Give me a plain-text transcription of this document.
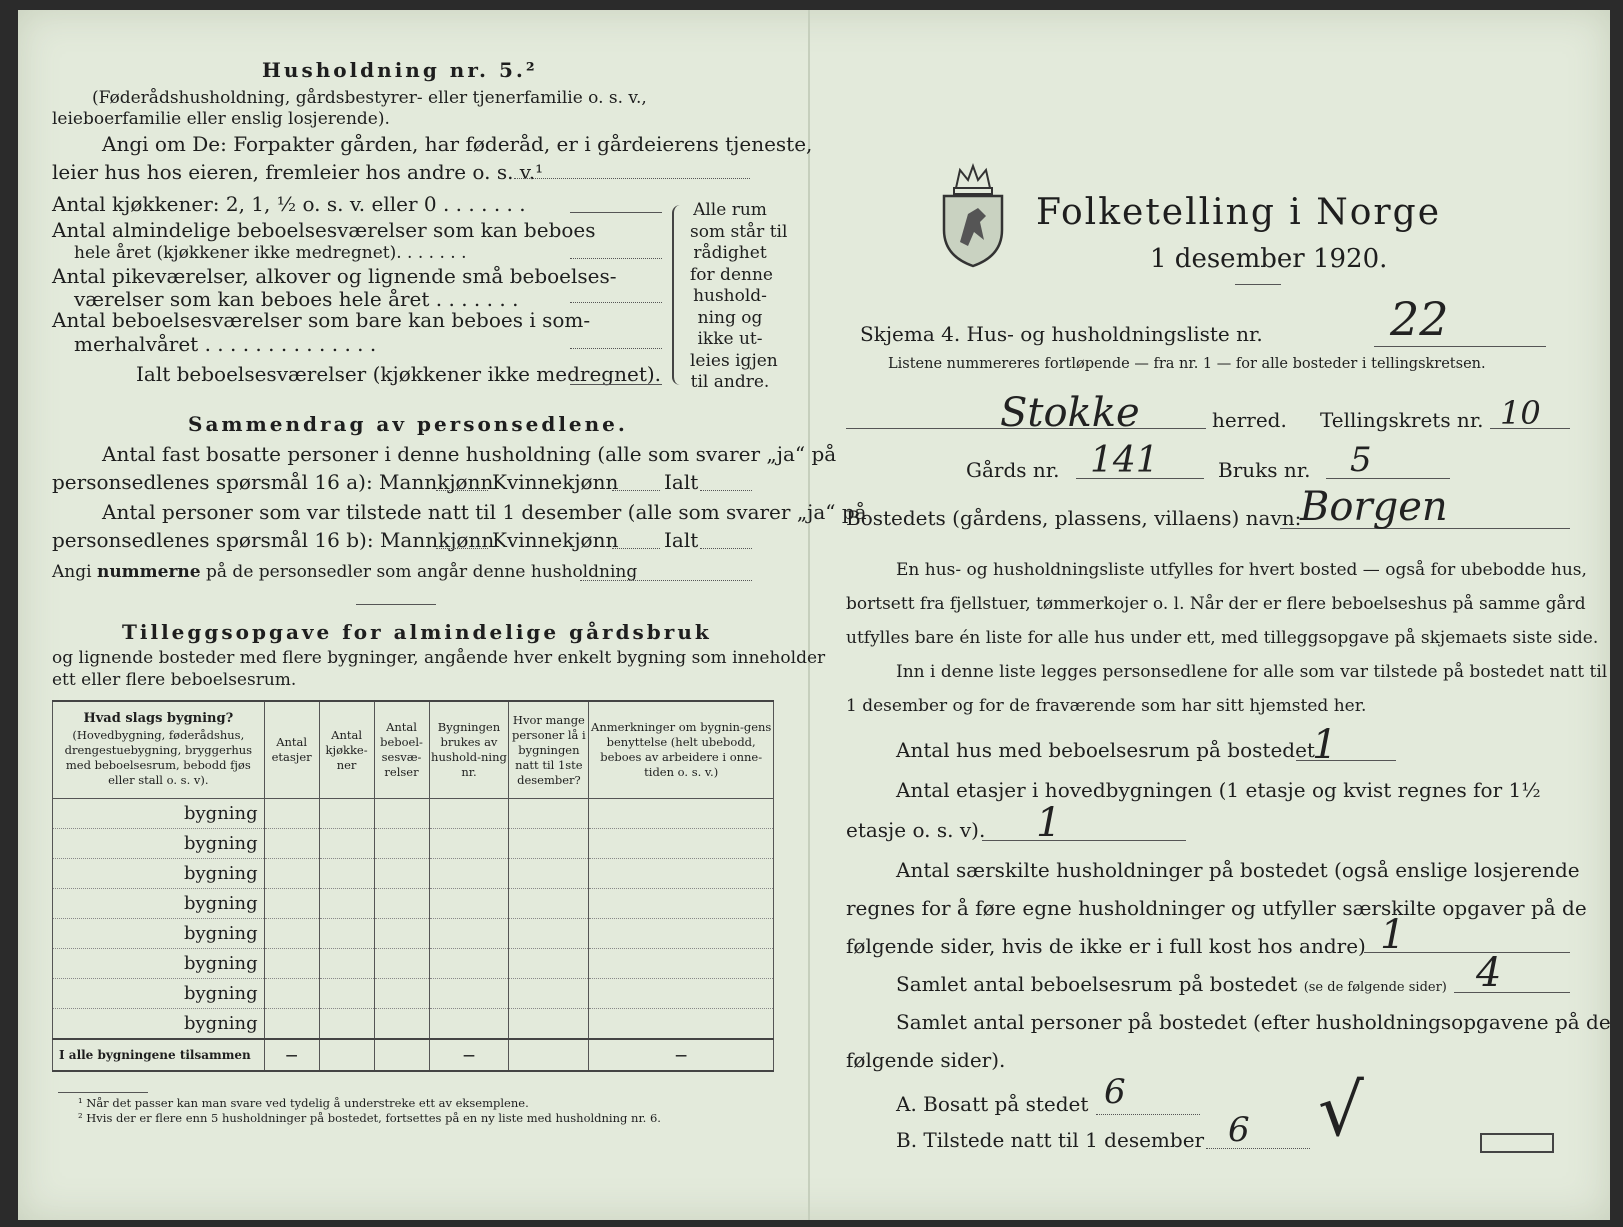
Husholdning nr. 5.²
(Føderådshusholdning, gårdsbestyrer- eller tjenerfamilie o. s. v., leieboerfamilie eller enslig losjerende).
Angi om De: Forpakter gården, har føderåd, er i gårdeierens tjeneste,
leier hus hos eieren, fremleier hos andre o. s. v.¹
Antal kjøkkener: 2, 1, ½ o. s. v. eller 0 . . . . . . .
Antal almindelige beboelsesværelser som kan beboes
hele året (kjøkkener ikke medregnet). . . . . . .
Antal pikeværelser, alkover og lignende små beboelses-
værelser som kan beboes hele året . . . . . . .
Antal beboelsesværelser som bare kan beboes i som-
merhalvåret . . . . . . . . . . . . . .
Ialt beboelsesværelser (kjøkkener ikke medregnet).
Alle rum
som står til
rådighet
for denne
hushold-
ning og
ikke ut-
leies igjen
til andre.
Sammendrag av personsedlene.
Antal fast bosatte personer i denne husholdning (alle som svarer „ja“ på
personsedlenes spørsmål 16 a): Mannkjønn
Kvinnekjønn Ialt
Antal personer som var tilstede natt til 1 desember (alle som svarer „ja“ på
personsedlenes spørsmål 16 b): Mannkjønn
Kvinnekjønn Ialt
Angi nummerne på de personsedler som angår denne husholdning
Tilleggsopgave for almindelige gårdsbruk
og lignende bosteder med flere bygninger, angående hver enkelt bygning som inneholder
ett eller flere beboelsesrum.
Hvad slags bygning?
(Hovedbygning, føderådshus, drengestuebygning, bryggerhus med beboelsesrum, bebodd fjøs eller stall o. s. v).	Antal etasjer	Antal kjøkke-ner	Antal beboel-sesvæ-relser	Bygningen brukes av hushold-ning nr.	Hvor mange personer lå i bygningen natt til 1ste desember?	Anmerkninger om bygnin-gens benyttelse (helt ubebodd, beboes av arbeidere i onne-tiden o. s. v.)
bygning						
bygning						
bygning						
bygning						
bygning						
bygning						
bygning						
bygning						
I alle bygningene tilsammen	—			—		—
¹ Når det passer kan man svare ved tydelig å understreke ett av eksemplene.
² Hvis der er flere enn 5 husholdninger på bostedet, fortsettes på en ny liste med husholdning nr. 6.
Folketelling i Norge
1 desember 1920.
Skjema 4. Hus- og husholdningsliste nr.	22
Listene nummereres fortløpende — fra nr. 1 — for alle bosteder i tellingskretsen.
Stokke	herred. Tellingskrets nr. 10
Gårds nr. 141	Bruks nr. 5
Bostedets (gårdens, plassens, villaens) navn:
Borgen
En hus- og husholdningsliste utfylles for hvert bosted — også for ubebodde hus,
bortsett fra fjellstuer, tømmerkojer o. l. Når der er flere beboelseshus på samme gård
utfylles bare én liste for alle hus under ett, med tilleggsopgave på skjemaets siste side.
Inn i denne liste legges personsedlene for alle som var tilstede på bostedet natt til
1 desember og for de fraværende som har sitt hjemsted her.
Antal hus med beboelsesrum på bostedet
1
Antal etasjer i hovedbygningen (1 etasje og kvist regnes for 1½
etasje o. s. v). 1
Antal særskilte husholdninger på bostedet (også enslige losjerende
regnes for å føre egne husholdninger og utfyller særskilte opgaver på de
følgende sider, hvis de ikke er i full kost hos andre) 1
Samlet antal beboelsesrum på bostedet (se de følgende sider) 4
Samlet antal personer på bostedet (efter husholdningsopgavene på de
følgende sider).
A. Bosatt på stedet 6
B. Tilstede natt til 1 desember 6 √
